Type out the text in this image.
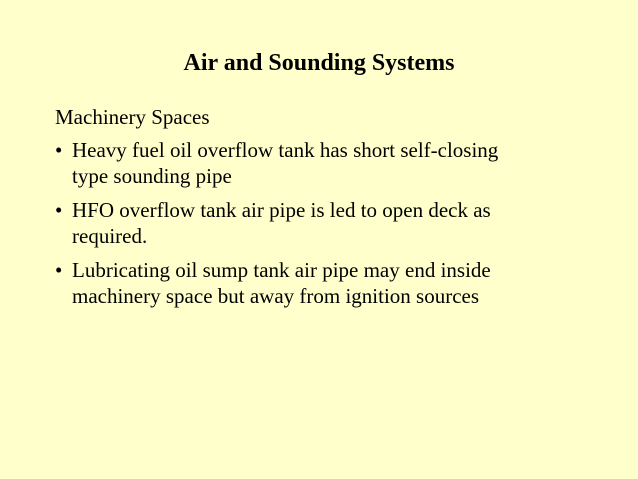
Air and Sounding Systems
Machinery Spaces
• Heavy fuel oil overflow tank has short self-closing
type sounding pipe
• HFO overflow tank air pipe is led to open deck as
required.
• Lubricating oil sump tank air pipe may end inside
machinery space but away from ignition sources
